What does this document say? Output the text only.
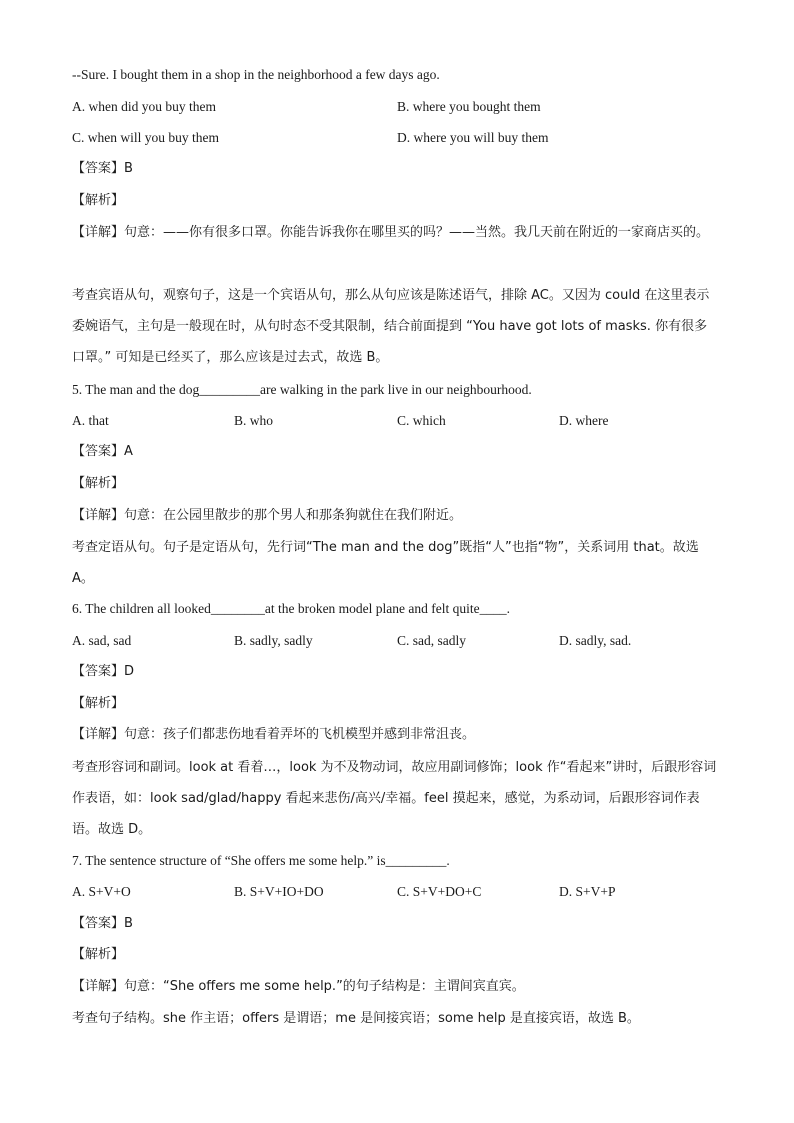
--Sure. I bought them in a shop in the neighborhood a few days ago.
A. when did you buy them	B. where you bought them
C. when will you buy them	D. where you will buy them
【答案】B
【解析】
【详解】句意：——你有很多口罩。你能告诉我你在哪里买的吗？——当然。我几天前在附近的一家商店买的。
考查宾语从句，观察句子，这是一个宾语从句，那么从句应该是陈述语气，排除 AC。又因为 could 在这里表示委婉语气，主句是一般现在时，从句时态不受其限制，结合前面提到 “You have got lots of masks. 你有很多口罩。” 可知是已经买了，那么应该是过去式，故选 B。
5. The man and the dog_________are walking in the park live in our neighbourhood.
A. that	B. who	C. which	D. where
【答案】A
【解析】
【详解】句意：在公园里散步的那个男人和那条狗就住在我们附近。
考查定语从句。句子是定语从句，先行词“The man and the dog”既指“人”也指“物”，关系词用 that。故选 A。
6. The children all looked________at the broken model plane and felt quite____.
A. sad, sad	B. sadly, sadly	C. sad, sadly	D. sadly, sad.
【答案】D
【解析】
【详解】句意：孩子们都悲伤地看着弄坏的飞机模型并感到非常沮丧。
考查形容词和副词。look at 看着…，look 为不及物动词，故应用副词修饰；look 作“看起来”讲时，后跟形容词作表语，如：look sad/glad/happy 看起来悲伤/高兴/幸福。feel 摸起来，感觉，为系动词，后跟形容词作表语。故选 D。
7. The sentence structure of “She offers me some help.” is_________.
A. S+V+O	B. S+V+IO+DO	C. S+V+DO+C	D. S+V+P
【答案】B
【解析】
【详解】句意：“She offers me some help.”的句子结构是：主谓间宾直宾。
考查句子结构。she 作主语；offers 是谓语；me 是间接宾语；some help 是直接宾语，故选 B。
